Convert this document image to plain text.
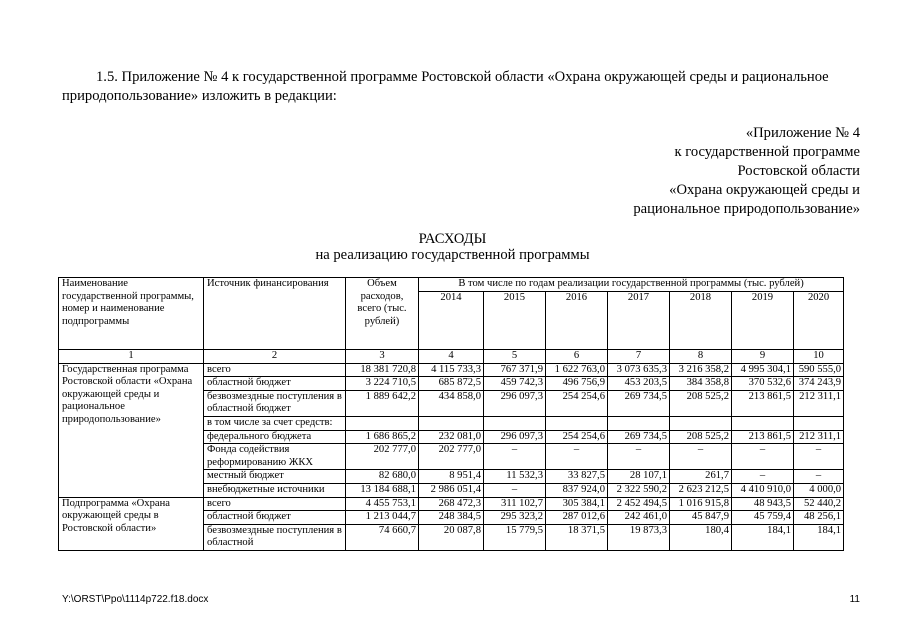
1.5. Приложение № 4 к государственной программе Ростовской области «Охрана окружающей среды и рациональное природопользование» изложить в редакции:
«Приложение № 4
к государственной программе
Ростовской области
«Охрана окружающей среды и
рациональное природопользование»
РАСХОДЫ
на реализацию государственной программы
Наименование государственной программы, номер и наименование подпрограммы	Источник финансирования	Объем расходов, всего (тыс. рублей)	В том числе по годам реализации государственной программы (тыс. рублей)						
			2014	2015	2016	2017	2018	2019	2020
1	2	3	4	5	6	7	8	9	10
Государственная программа Ростовской области «Охрана окружающей среды и рациональное природопользование»	всего	18 381 720,8	4 115 733,3	767 371,9	1 622 763,0	3 073 635,3	3 216 358,2	4 995 304,1	590 555,0
	областной бюджет	3 224 710,5	685 872,5	459 742,3	496 756,9	453 203,5	384 358,8	370 532,6	374 243,9
	безвозмездные поступления в областной бюджет	1 889 642,2	434 858,0	296 097,3	254 254,6	269 734,5	208 525,2	213 861,5	212 311,1
	в том числе за счет средств:								
	федерального бюджета	1 686 865,2	232 081,0	296 097,3	254 254,6	269 734,5	208 525,2	213 861,5	212 311,1
	Фонда содействия реформированию ЖКХ	202 777,0	202 777,0	–	–	–	–	–	–
	местный бюджет	82 680,0	8 951,4	11 532,3	33 827,5	28 107,1	261,7	–	–
	внебюджетные источники	13 184 688,1	2 986 051,4	–	837 924,0	2 322 590,2	2 623 212,5	4 410 910,0	4 000,0
Подпрограмма «Охрана окружающей среды в Ростовской области»	всего	4 455 753,1	268 472,3	311 102,7	305 384,1	2 452 494,5	1 016 915,8	48 943,5	52 440,2
	областной бюджет	1 213 044,7	248 384,5	295 323,2	287 012,6	242 461,0	45 847,9	45 759,4	48 256,1
	безвозмездные поступления в областной	74 660,7	20 087,8	15 779,5	18 371,5	19 873,3	180,4	184,1	184,1
Y:\ORST\Ppo\1114p722.f18.docx	11
